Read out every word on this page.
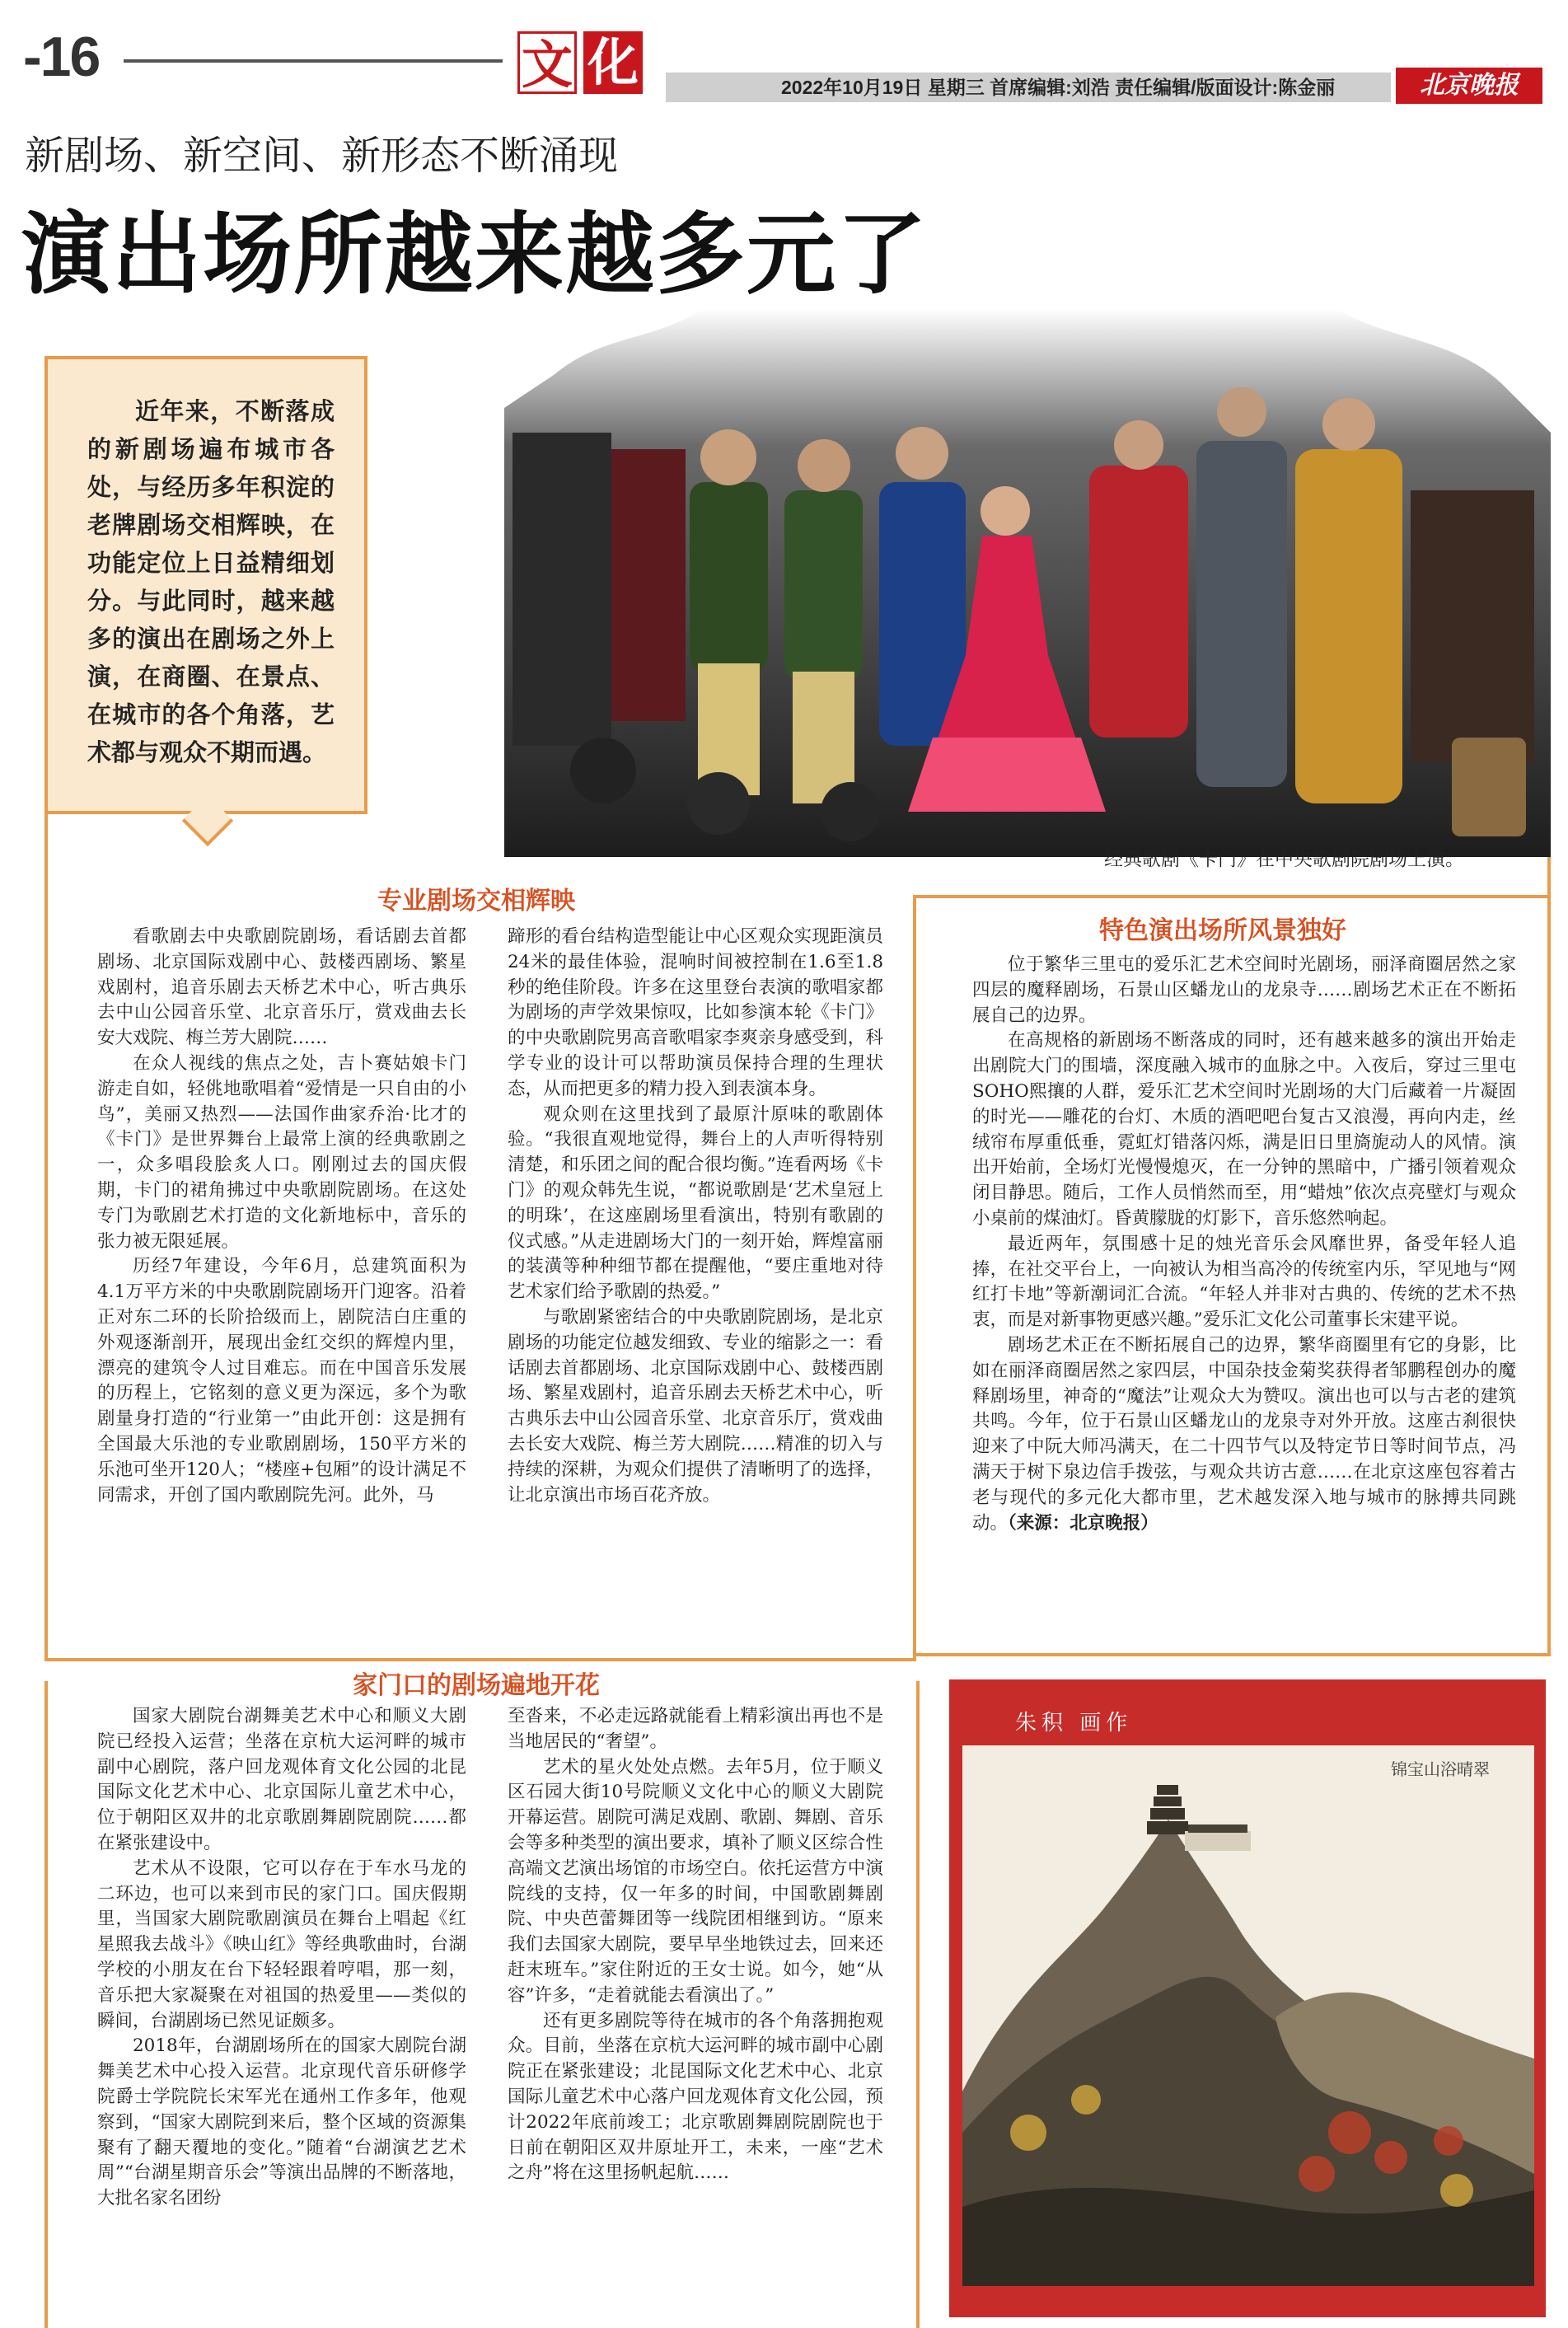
-16	文 化	2022年10月19日 星期三 首席编辑:刘浩 责任编辑/版面设计:陈金丽	北京晚报
新剧场、新空间、新形态不断涌现
演出场所越来越多元了
近年来，不断落成的新剧场遍布城市各处，与经历多年积淀的老牌剧场交相辉映，在功能定位上日益精细划分。与此同时，越来越多的演出在剧场之外上演，在商圈、在景点、在城市的各个角落，艺术都与观众不期而遇。
经典歌剧《卡门》在中央歌剧院剧场上演。
专业剧场交相辉映

看歌剧去中央歌剧院剧场，看话剧去首都剧场、北京国际戏剧中心、鼓楼西剧场、繁星戏剧村，追音乐剧去天桥艺术中心，听古典乐去中山公园音乐堂、北京音乐厅，赏戏曲去长安大戏院、梅兰芳大剧院……

在众人视线的焦点之处，吉卜赛姑娘卡门游走自如，轻佻地歌唱着“爱情是一只自由的小鸟”，美丽又热烈——法国作曲家乔治·比才的《卡门》是世界舞台上最常上演的经典歌剧之一，众多唱段脍炙人口。刚刚过去的国庆假期，卡门的裙角拂过中央歌剧院剧场。在这处专门为歌剧艺术打造的文化新地标中，音乐的张力被无限延展。

历经7年建设，今年6月，总建筑面积为4.1万平方米的中央歌剧院剧场开门迎客。沿着正对东二环的长阶拾级而上，剧院洁白庄重的外观逐渐剖开，展现出金红交织的辉煌内里，漂亮的建筑令人过目难忘。而在中国音乐发展的历程上，它铭刻的意义更为深远，多个为歌剧量身打造的“行业第一”由此开创：这是拥有全国最大乐池的专业歌剧剧场，150平方米的乐池可坐开120人；“楼座+包厢”的设计满足不同需求，开创了国内歌剧院先河。此外，马

蹄形的看台结构造型能让中心区观众实现距演员24米的最佳体验，混响时间被控制在1.6至1.8秒的绝佳阶段。许多在这里登台表演的歌唱家都为剧场的声学效果惊叹，比如参演本轮《卡门》的中央歌剧院男高音歌唱家李爽亲身感受到，科学专业的设计可以帮助演员保持合理的生理状态，从而把更多的精力投入到表演本身。

观众则在这里找到了最原汁原味的歌剧体验。“我很直观地觉得，舞台上的人声听得特别清楚，和乐团之间的配合很均衡。”连看两场《卡门》的观众韩先生说，“都说歌剧是‘艺术皇冠上的明珠’，在这座剧场里看演出，特别有歌剧的仪式感。”从走进剧场大门的一刻开始，辉煌富丽的装潢等种种细节都在提醒他，“要庄重地对待艺术家们给予歌剧的热爱。”

与歌剧紧密结合的中央歌剧院剧场，是北京剧场的功能定位越发细致、专业的缩影之一：看话剧去首都剧场、北京国际戏剧中心、鼓楼西剧场、繁星戏剧村，追音乐剧去天桥艺术中心，听古典乐去中山公园音乐堂、北京音乐厅，赏戏曲去长安大戏院、梅兰芳大剧院……精准的切入与持续的深耕，为观众们提供了清晰明了的选择，让北京演出市场百花齐放。

特色演出场所风景独好

位于繁华三里屯的爱乐汇艺术空间时光剧场，丽泽商圈居然之家四层的魔释剧场，石景山区蟠龙山的龙泉寺……剧场艺术正在不断拓展自己的边界。

在高规格的新剧场不断落成的同时，还有越来越多的演出开始走出剧院大门的围墙，深度融入城市的血脉之中。入夜后，穿过三里屯SOHO熙攘的人群，爱乐汇艺术空间时光剧场的大门后藏着一片凝固的时光——雕花的台灯、木质的酒吧吧台复古又浪漫，再向内走，丝绒帘布厚重低垂，霓虹灯错落闪烁，满是旧日里旖旎动人的风情。演出开始前，全场灯光慢慢熄灭，在一分钟的黑暗中，广播引领着观众闭目静思。随后，工作人员悄然而至，用“蜡烛”依次点亮壁灯与观众小桌前的煤油灯。昏黄朦胧的灯影下，音乐悠然响起。

最近两年，氛围感十足的烛光音乐会风靡世界，备受年轻人追捧，在社交平台上，一向被认为相当高冷的传统室内乐，罕见地与“网红打卡地”等新潮词汇合流。“年轻人并非对古典的、传统的艺术不热衷，而是对新事物更感兴趣。”爱乐汇文化公司董事长宋建平说。

剧场艺术正在不断拓展自己的边界，繁华商圈里有它的身影，比如在丽泽商圈居然之家四层，中国杂技金菊奖获得者邹鹏程创办的魔释剧场里，神奇的“魔法”让观众大为赞叹。演出也可以与古老的建筑共鸣。今年，位于石景山区蟠龙山的龙泉寺对外开放。这座古刹很快迎来了中阮大师冯满天，在二十四节气以及特定节日等时间节点，冯满天于树下泉边信手拨弦，与观众共访古意……在北京这座包容着古老与现代的多元化大都市里，艺术越发深入地与城市的脉搏共同跳动。（来源：北京晚报）

家门口的剧场遍地开花

国家大剧院台湖舞美艺术中心和顺义大剧院已经投入运营；坐落在京杭大运河畔的城市副中心剧院，落户回龙观体育文化公园的北昆国际文化艺术中心、北京国际儿童艺术中心，位于朝阳区双井的北京歌剧舞剧院剧院……都在紧张建设中。

艺术从不设限，它可以存在于车水马龙的二环边，也可以来到市民的家门口。国庆假期里，当国家大剧院歌剧演员在舞台上唱起《红星照我去战斗》《映山红》等经典歌曲时，台湖学校的小朋友在台下轻轻跟着哼唱，那一刻，音乐把大家凝聚在对祖国的热爱里——类似的瞬间，台湖剧场已然见证颇多。

2018年，台湖剧场所在的国家大剧院台湖舞美艺术中心投入运营。北京现代音乐研修学院爵士学院院长宋军光在通州工作多年，他观察到，“国家大剧院到来后，整个区域的资源集聚有了翻天覆地的变化。”随着“台湖演艺艺术周”“台湖星期音乐会”等演出品牌的不断落地，大批名家名团纷

至沓来，不必走远路就能看上精彩演出再也不是当地居民的“奢望”。

艺术的星火处处点燃。去年5月，位于顺义区石园大街10号院顺义文化中心的顺义大剧院开幕运营。剧院可满足戏剧、歌剧、舞剧、音乐会等多种类型的演出要求，填补了顺义区综合性高端文艺演出场馆的市场空白。依托运营方中演院线的支持，仅一年多的时间，中国歌剧舞剧院、中央芭蕾舞团等一线院团相继到访。“原来我们去国家大剧院，要早早坐地铁过去，回来还赶末班车。”家住附近的王女士说。如今，她“从容”许多，“走着就能去看演出了。”

还有更多剧院等待在城市的各个角落拥抱观众。目前，坐落在京杭大运河畔的城市副中心剧院正在紧张建设；北昆国际文化艺术中心、北京国际儿童艺术中心落户回龙观体育文化公园，预计2022年底前竣工；北京歌剧舞剧院剧院也于日前在朝阳区双井原址开工，未来，一座“艺术之舟”将在这里扬帆起航……

朱积 画作
锦宝山浴晴翠
